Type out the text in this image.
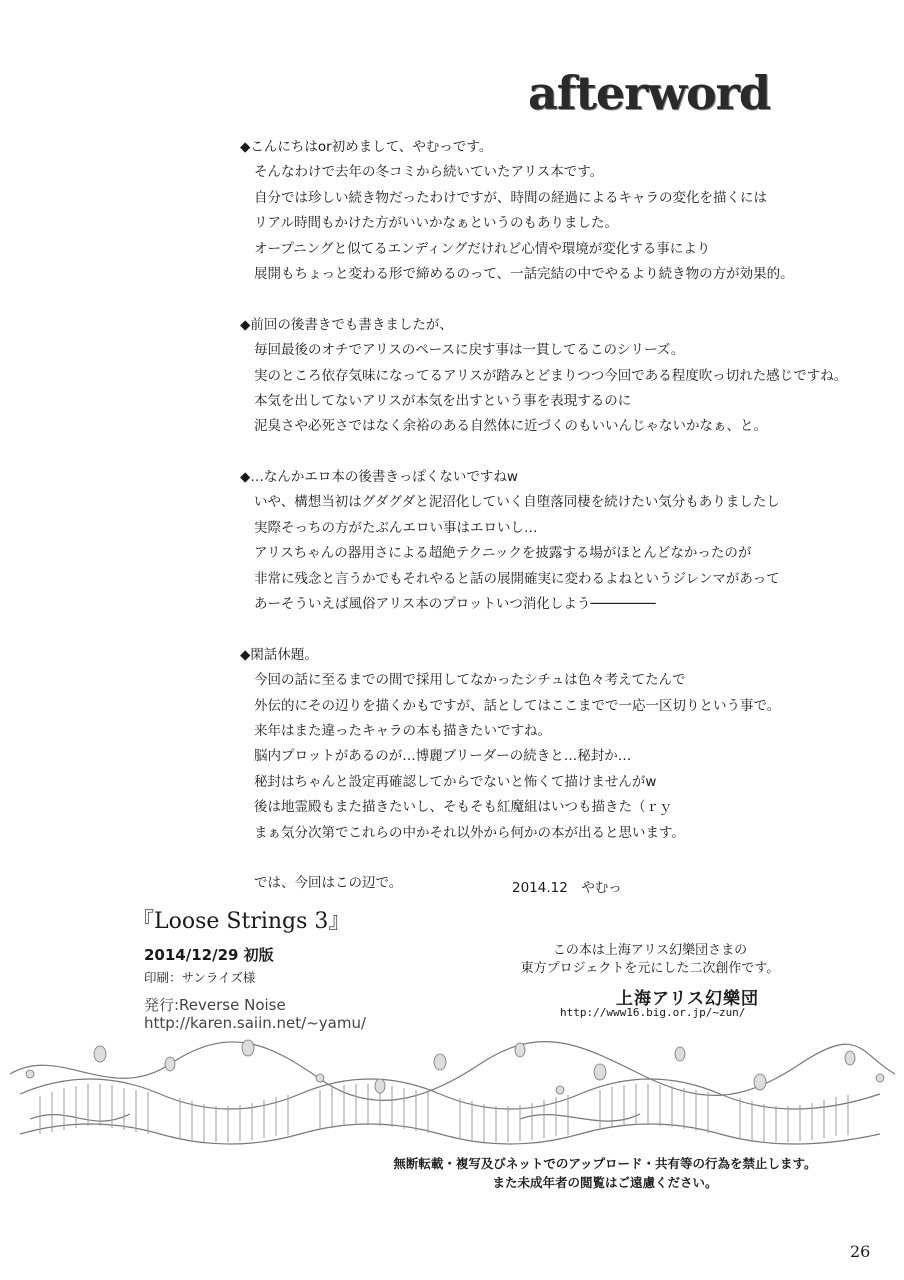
afterword
◆こんにちはor初めまして、やむっです。
そんなわけで去年の冬コミから続いていたアリス本です。
自分では珍しい続き物だったわけですが、時間の経過によるキャラの変化を描くには
リアル時間もかけた方がいいかなぁというのもありました。
オープニングと似てるエンディングだけれど心情や環境が変化する事により
展開もちょっと変わる形で締めるのって、一話完結の中でやるより続き物の方が効果的。
◆前回の後書きでも書きましたが、
毎回最後のオチでアリスのペースに戻す事は一貫してるこのシリーズ。
実のところ依存気味になってるアリスが踏みとどまりつつ今回である程度吹っ切れた感じですね。
本気を出してないアリスが本気を出すという事を表現するのに
泥臭さや必死さではなく余裕のある自然体に近づくのもいいんじゃないかなぁ、と。
◆…なんかエロ本の後書きっぽくないですねw
いや、構想当初はグダグダと泥沼化していく自堕落同棲を続けたい気分もありましたし
実際そっちの方がたぶんエロい事はエロいし…
アリスちゃんの器用さによる超絶テクニックを披露する場がほとんどなかったのが
非常に残念と言うかでもそれやると話の展開確実に変わるよねというジレンマがあって
あーそういえば風俗アリス本のプロットいつ消化しよう────────
◆閑話休題。
今回の話に至るまでの間で採用してなかったシチュは色々考えてたんで
外伝的にその辺りを描くかもですが、話としてはここまでで一応一区切りという事で。
来年はまた違ったキャラの本も描きたいですね。
脳内プロットがあるのが…博麗ブリーダーの続きと…秘封か…
秘封はちゃんと設定再確認してからでないと怖くて描けませんがw
後は地霊殿もまた描きたいし、そもそも紅魔組はいつも描きた（ｒｙ
まぁ気分次第でこれらの中かそれ以外から何かの本が出ると思います。
では、今回はこの辺で。	2014.12　やむっ
『Loose Strings 3』
2014/12/29 初版
印刷：サンライズ様
発行:Reverse Noise
http://karen.saiin.net/~yamu/
この本は上海アリス幻樂団さまの
東方プロジェクトを元にした二次創作です。
上海アリス幻樂団
http://www16.big.or.jp/~zun/
無断転載・複写及びネットでのアップロード・共有等の行為を禁止します。
また未成年者の閲覧はご遠慮ください。
26
